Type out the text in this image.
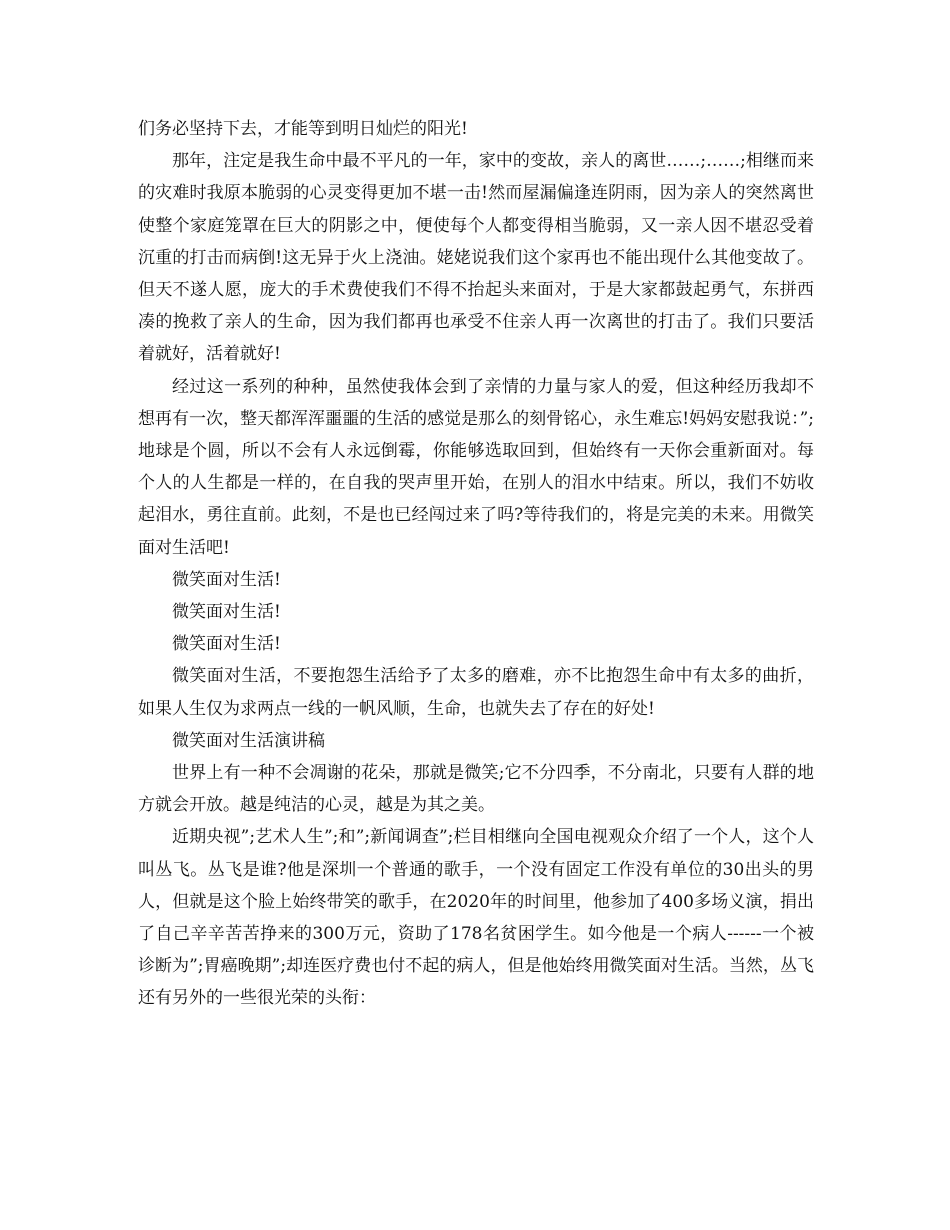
们务必坚持下去，才能等到明日灿烂的阳光!

那年，注定是我生命中最不平凡的一年，家中的变故，亲人的离世……;……;相继而来的灾难时我原本脆弱的心灵变得更加不堪一击!然而屋漏偏逢连阴雨，因为亲人的突然离世使整个家庭笼罩在巨大的阴影之中，便使每个人都变得相当脆弱，又一亲人因不堪忍受着沉重的打击而病倒!这无异于火上浇油。姥姥说我们这个家再也不能出现什么其他变故了。但天不遂人愿，庞大的手术费使我们不得不抬起头来面对，于是大家都鼓起勇气，东拼西凑的挽救了亲人的生命，因为我们都再也承受不住亲人再一次离世的打击了。我们只要活着就好，活着就好!

经过这一系列的种种，虽然使我体会到了亲情的力量与家人的爱，但这种经历我却不想再有一次，整天都浑浑噩噩的生活的感觉是那么的刻骨铭心，永生难忘!妈妈安慰我说：”;地球是个圆，所以不会有人永远倒霉，你能够选取回到，但始终有一天你会重新面对。每个人的人生都是一样的，在自我的哭声里开始，在别人的泪水中结束。所以，我们不妨收起泪水，勇往直前。此刻，不是也已经闯过来了吗?等待我们的，将是完美的未来。用微笑面对生活吧!

微笑面对生活!

微笑面对生活!

微笑面对生活!

微笑面对生活，不要抱怨生活给予了太多的磨难，亦不比抱怨生命中有太多的曲折，如果人生仅为求两点一线的一帆风顺，生命，也就失去了存在的好处!

微笑面对生活演讲稿

世界上有一种不会凋谢的花朵，那就是微笑;它不分四季，不分南北，只要有人群的地方就会开放。越是纯洁的心灵，越是为其之美。

近期央视”;艺术人生”;和”;新闻调查”;栏目相继向全国电视观众介绍了一个人，这个人叫丛飞。丛飞是谁?他是深圳一个普通的歌手，一个没有固定工作没有单位的30出头的男人，但就是这个脸上始终带笑的歌手，在2020年的时间里，他参加了400多场义演，捐出了自己辛辛苦苦挣来的300万元，资助了178名贫困学生。如今他是一个病人------一个被诊断为”;胃癌晚期”;却连医疗费也付不起的病人，但是他始终用微笑面对生活。当然，丛飞还有另外的一些很光荣的头衔：
